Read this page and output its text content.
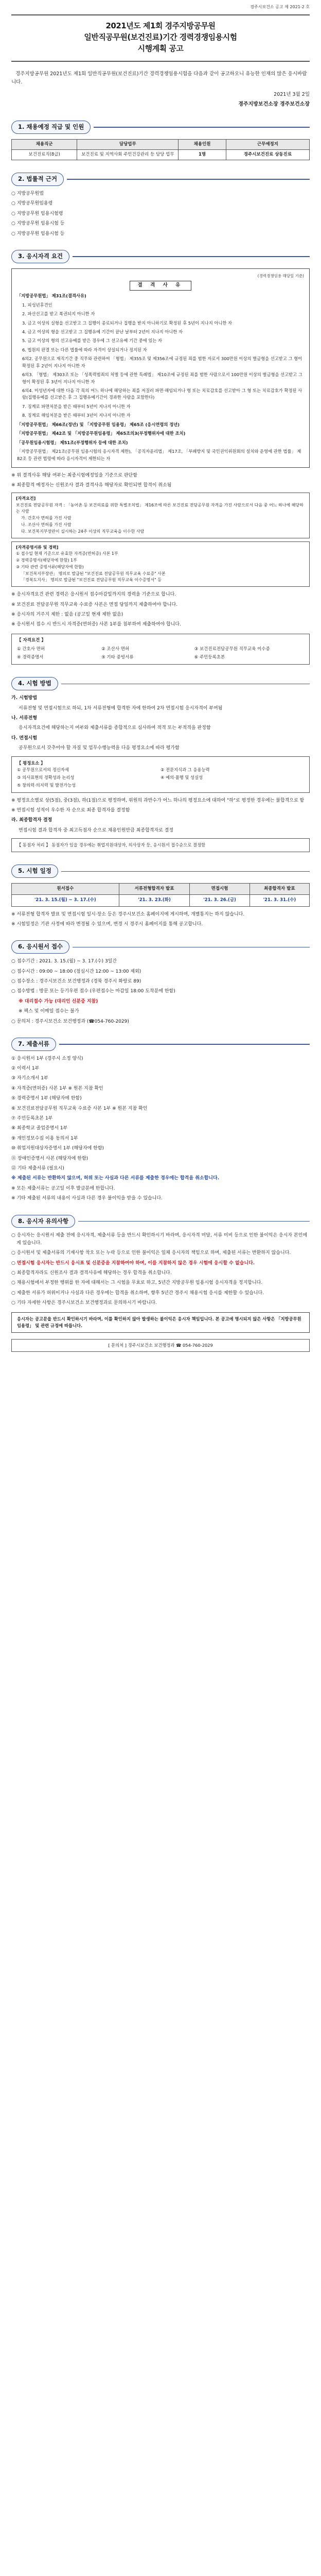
경주시보건소 공고 제 2021-2 호
2021년도 제1회 경주지방공무원
일반직공무원(보건진료)기간 경력경쟁임용시험
시행계획 공고

경주지방공무원 2021년도 제1회 일반직공무원(보건진료)기간 경력경쟁임용시험을 다음과 같이 공고하오니 유능한 인재의 많은 응시바랍니다.

2021년 3월 2일
경주지방보건소장 경주보건소장
1. 채용예정 직급 및 인원
채용직군	담당업무	채용인원	근무예정지
보건진료직(8급)	보건진료 및 지역사회 주민건강관리 등 담당 업무	1명	경주시보건진료 상동진료
2. 법률적 근거
○ 지방공무원법
○ 지방공무원임용령
○ 지방공무원 임용시험령
○ 지방공무원 임용시험 등
○ 지방공무원 임용시험 등
3. 응시자격 요건
(경력경쟁임용 해당일 기준)
결 격 사 유
「지방공무원법」 제31조(결격사유)
1. 피성년후견인
2. 파산선고를 받고 복권되지 아니한 자
3. 금고 이상의 실형을 선고받고 그 집행이 종료되거나 집행을 받지 아니하기로 확정된 후 5년이 지나지 아니한 자
4. 금고 이상의 형을 선고받고 그 집행유예 기간이 끝난 날부터 2년이 지나지 아니한 자
5. 금고 이상의 형의 선고유예를 받은 경우에 그 선고유예 기간 중에 있는 자
6. 법원의 판결 또는 다른 법률에 따라 자격이 상실되거나 정지된 자
6의2. 공무원으로 재직기간 중 직무와 관련하여 「형법」 제355조 및 제356조에 규정된 죄를 범한 자로서 300만원 이상의 벌금형을 선고받고 그 형이 확정된 후 2년이 지나지 아니한 자
6의3. 「형법」 제303조 또는 「성폭력범죄의 처벌 등에 관한 특례법」 제10조에 규정된 죄를 범한 사람으로서 100만원 이상의 벌금형을 선고받고 그 형이 확정된 후 3년이 지나지 아니한 자
6의4. 미성년자에 대한 다음 각 목의 어느 하나에 해당하는 죄를 저질러 파면·해임되거나 형 또는 치료감호를 선고받아 그 형 또는 치료감호가 확정된 사람(집행유예를 선고받은 후 그 집행유예기간이 경과한 사람을 포함한다)
7. 징계로 파면처분을 받은 때부터 5년이 지나지 아니한 자
8. 징계로 해임처분을 받은 때부터 3년이 지나지 아니한 자
「지방공무원법」 제66조(정년) 및 「지방공무원 임용령」 제65조 (응시연령의 정년)
「지방공무원법」 제42조 및 「지방공무원임용령」 제65조의3(부정행위자에 대한 조치)
「공무원임용시험령」 제51조(부정행위자 등에 대한 조치)
「지방공무원법」 제21조(공무원 임용시험의 응시자격 제한), 「공직자윤리법」 제17조, 「부패방지 및 국민권익위원회의 설치와 운영에 관한 법률」 제82조 등 관련 법령에 따라 응시자격이 제한되는 자
※ 위 결격사유 해당 여부는 최종시험예정일을 기준으로 판단함
※ 최종합격 예정자는 신원조사 결과 결격사유 해당자로 확인되면 합격이 취소됨
[자격요건]
보건진료 전담공무원 자격 : 「농어촌 등 보건의료를 위한 특별조치법」 제16조에 따른 보건진료 전담공무원 자격을 가진 사람으로서 다음 중 어느 하나에 해당하는 사람
가. 간호사 면허를 가진 사람
나. 조산사 면허를 가진 사람
다. 보건복지부장관이 실시하는 24주 이상의 직무교육을 이수한 사람
[자격증명서류 및 경력]
① 접수일 현재 기준으로 유효한 자격증(면허증) 사본 1부
② 경력증명서(해당자에 한함) 1부
③ 기타 관련 증빙서류(해당자에 한함)
「보건복지부장관」 명의로 발급된 "보건진료 전담공무원 직무교육 수료증" 사본
「경북도지사」 명의로 발급된 "보건진료 전담공무원 직무교육 이수증명서" 등
※ 응시자격요건 관련 경력은 응시원서 접수마감일까지의 경력을 기준으로 합니다.
※ 보건진료 전담공무원 직무교육 수료증 사본은 면접 당일까지 제출하여야 합니다.
※ 응시자의 거주지 제한 : 없음 (공고일 현재 제한 없음)
※ 응시원서 접수 시 반드시 자격증(면허증) 사본 1부를 첨부하여 제출하여야 합니다.
【 자격요건 】
① 간호사 면허	② 조산사 면허	③ 보건진료전담공무원 직무교육 이수증
④ 경력증명서	⑤ 기타 증빙서류	⑥ 주민등록초본
4. 시험 방법
가. 시험방법
서류전형 및 면접시험으로 하되, 1차 서류전형에 합격한 자에 한하여 2차 면접시험 응시자격이 부여됨
나. 서류전형
응시자격요건에 해당하는지 여부와 제출서류를 종합적으로 심사하여 적격 또는 부적격을 판정함
다. 면접시험
공무원으로서 갖추어야 할 자질 및 업무수행능력을 다음 평정요소에 따라 평가함
【 평정요소 】
① 공무원으로서의 정신자세	② 전문지식과 그 응용능력
③ 의사표현의 정확성과 논리성	④ 예의·품행 및 성실성
⑤ 창의력·의지력 및 발전가능성
※ 평정요소별로 상(5점), 중(3점), 하(1점)으로 평정하며, 위원의 과반수가 어느 하나의 평정요소에 대하여 "하"로 평정한 경우에는 불합격으로 함
※ 면접시험 성적이 우수한 자 순으로 최종 합격자를 결정함
라. 최종합격자 결정
면접시험 결과 합격자 중 최고득점자 순으로 채용인원만큼 최종합격자로 결정
【 동점자 처리 】 동점자가 있을 경우에는 취업지원대상자, 의사상자 등, 응시원서 접수순으로 결정함
5. 시험 일정
원서접수	서류전형합격자 발표	면접시험	최종합격자 발표
'21. 3. 15.(월) ~ 3. 17.(수)	'21. 3. 23.(화)	'21. 3. 26.(금)	'21. 3. 31.(수)
※ 서류전형 합격자 발표 및 면접시험 일시·장소 등은 경주시보건소 홈페이지에 게시하며, 개별통지는 하지 않습니다.
※ 시험일정은 기관 사정에 따라 변경될 수 있으며, 변경 시 경주시 홈페이지를 통해 공고합니다.
6. 응시원서 접수
○ 접수기간 : 2021. 3. 15.(월) ~ 3. 17.(수) 3일간
○ 접수시간 : 09:00 ~ 18:00 (점심시간 12:00 ~ 13:00 제외)
○ 접수장소 : 경주시보건소 보건행정과 (경북 경주시 화랑로 89)
○ 접수방법 : 방문 또는 등기우편 접수 (우편접수는 마감일 18:00 도착분에 한함)
※ 대리접수 가능 (대리인 신분증 지참)
※ 팩스 및 이메일 접수는 불가
○ 문의처 : 경주시보건소 보건행정과 (☎054-760-2029)
7. 제출서류
① 응시원서 1부 (경주시 소정 양식)
② 이력서 1부
③ 자기소개서 1부
④ 자격증(면허증) 사본 1부 ※ 원본 지참 확인
⑤ 경력증명서 1부 (해당자에 한함)
⑥ 보건진료전담공무원 직무교육 수료증 사본 1부 ※ 원본 지참 확인
⑦ 주민등록초본 1부
⑧ 최종학교 졸업증명서 1부
⑨ 개인정보수집 이용 동의서 1부
⑩ 취업지원대상자증명서 1부 (해당자에 한함)
⑪ 장애인증명서 사본 (해당자에 한함)
⑫ 기타 제출서류 (필요시)
※ 제출된 서류는 반환하지 않으며, 허위 또는 사실과 다른 서류를 제출한 경우에는 합격을 취소합니다.
※ 모든 제출서류는 공고일 이후 발급분에 한합니다.
※ 기타 제출된 서류의 내용이 사실과 다른 경우 불이익을 받을 수 있습니다.
8. 응시자 유의사항
○ 응시자는 응시원서 제출 전에 응시자격, 제출서류 등을 반드시 확인하시기 바라며, 응시자격 미달, 서류 미비 등으로 인한 불이익은 응시자 본인에게 있습니다.
○ 응시원서 및 제출서류의 기재사항 착오 또는 누락 등으로 인한 불이익은 일체 응시자의 책임으로 하며, 제출된 서류는 반환하지 않습니다.
○ 면접시험 응시자는 반드시 응시표 및 신분증을 지참하여야 하며, 이를 지참하지 않은 경우 시험에 응시할 수 없습니다.
○ 최종합격자라도 신원조사 결과 결격사유에 해당하는 경우 합격을 취소합니다.
○ 채용시험에서 부정한 행위를 한 자에 대해서는 그 시험을 무효로 하고, 5년간 지방공무원 임용시험 응시자격을 정지합니다.
○ 제출한 서류가 허위이거나 사실과 다른 경우에는 합격을 취소하며, 향후 5년간 경주시 채용시험 응시를 제한할 수 있습니다.
○ 기타 자세한 사항은 경주시보건소 보건행정과로 문의하시기 바랍니다.
응시자는 공고문을 반드시 확인하시기 바라며, 이를 확인하지 않아 발생하는 불이익은 응시자 책임입니다. 본 공고에 명시되지 않은 사항은 「지방공무원 임용령」 및 관련 규정에 따릅니다.
[ 문의처 ] 경주시보건소 보건행정과 ☎ 054-760-2029
